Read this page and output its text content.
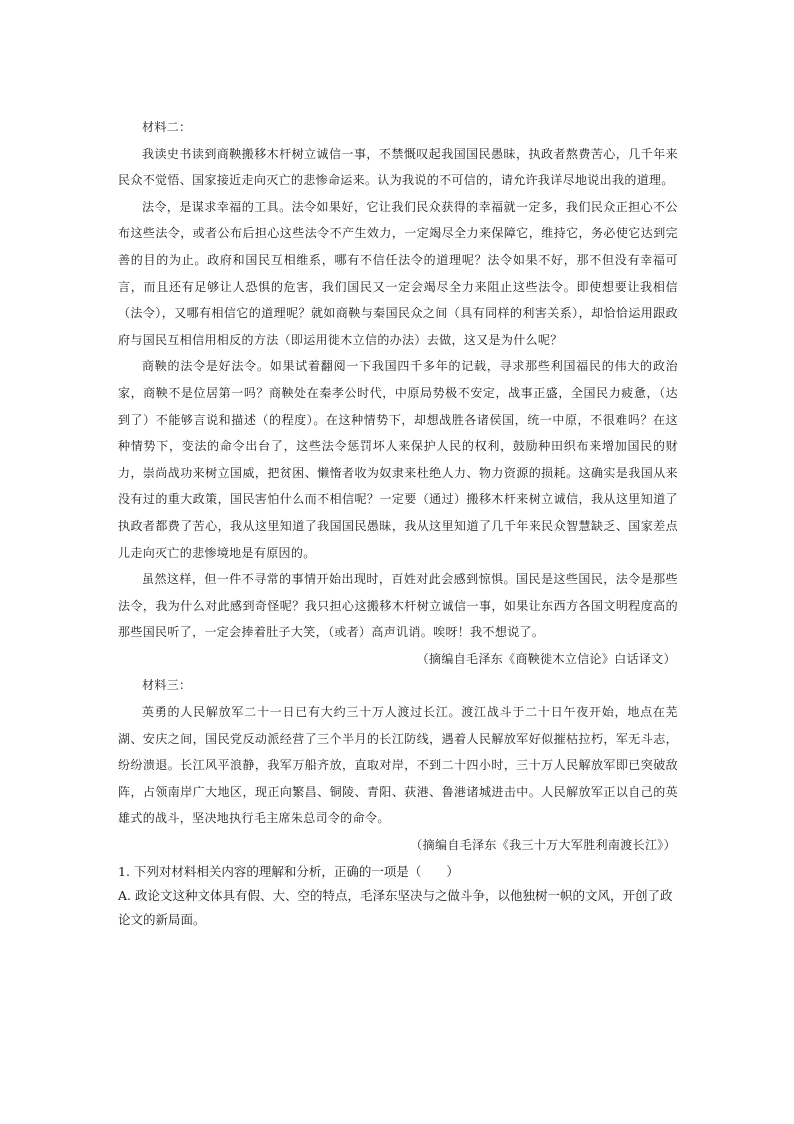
材料二：

我读史书读到商鞅搬移木杆树立诚信一事，不禁慨叹起我国国民愚昧，执政者熬费苦心，几千年来民众不觉悟、国家接近走向灭亡的悲惨命运来。认为我说的不可信的，请允许我详尽地说出我的道理。

法令，是谋求幸福的工具。法令如果好，它让我们民众获得的幸福就一定多，我们民众正担心不公布这些法令，或者公布后担心这些法令不产生效力，一定竭尽全力来保障它，维持它，务必使它达到完善的目的为止。政府和国民互相维系，哪有不信任法令的道理呢？法令如果不好，那不但没有幸福可言，而且还有足够让人恐惧的危害，我们国民又一定会竭尽全力来阻止这些法令。即使想要让我相信（法令），又哪有相信它的道理呢？就如商鞅与秦国民众之间（具有同样的利害关系），却恰恰运用跟政府与国民互相信用相反的方法（即运用徙木立信的办法）去做，这又是为什么呢？

商鞅的法令是好法令。如果试着翻阅一下我国四千多年的记载，寻求那些利国福民的伟大的政治家，商鞅不是位居第一吗？商鞅处在秦孝公时代，中原局势极不安定，战事正盛，全国民力疲惫，（达到了）不能够言说和描述（的程度）。在这种情势下，却想战胜各诸侯国，统一中原，不很难吗？在这种情势下，变法的命令出台了，这些法令惩罚坏人来保护人民的权利，鼓励种田织布来增加国民的财力，崇尚战功来树立国威，把贫困、懒惰者收为奴隶来杜绝人力、物力资源的损耗。这确实是我国从来没有过的重大政策，国民害怕什么而不相信呢？一定要（通过）搬移木杆来树立诚信，我从这里知道了执政者都费了苦心，我从这里知道了我国国民愚昧，我从这里知道了几千年来民众智慧缺乏、国家差点儿走向灭亡的悲惨境地是有原因的。

虽然这样，但一件不寻常的事情开始出现时，百姓对此会感到惊惧。国民是这些国民，法令是那些法令，我为什么对此感到奇怪呢？我只担心这搬移木杆树立诚信一事，如果让东西方各国文明程度高的那些国民听了，一定会捧着肚子大笑，（或者）高声讥诮。唉呀！我不想说了。

（摘编自毛泽东《商鞅徙木立信论》白话译文）

材料三：

英勇的人民解放军二十一日已有大约三十万人渡过长江。渡江战斗于二十日午夜开始，地点在芜湖、安庆之间，国民党反动派经营了三个半月的长江防线，遇着人民解放军好似摧枯拉朽，军无斗志，纷纷溃退。长江风平浪静，我军万船齐放，直取对岸，不到二十四小时，三十万人民解放军即已突破敌阵，占领南岸广大地区，现正向繁昌、铜陵、青阳、荻港、鲁港诸城进击中。人民解放军正以自己的英雄式的战斗，坚决地执行毛主席朱总司令的命令。

（摘编自毛泽东《我三十万大军胜利南渡长江》）

1. 下列对材料相关内容的理解和分析，正确的一项是（　　）

A. 政论文这种文体具有假、大、空的特点，毛泽东坚决与之做斗争，以他独树一帜的文风，开创了政论文的新局面。
